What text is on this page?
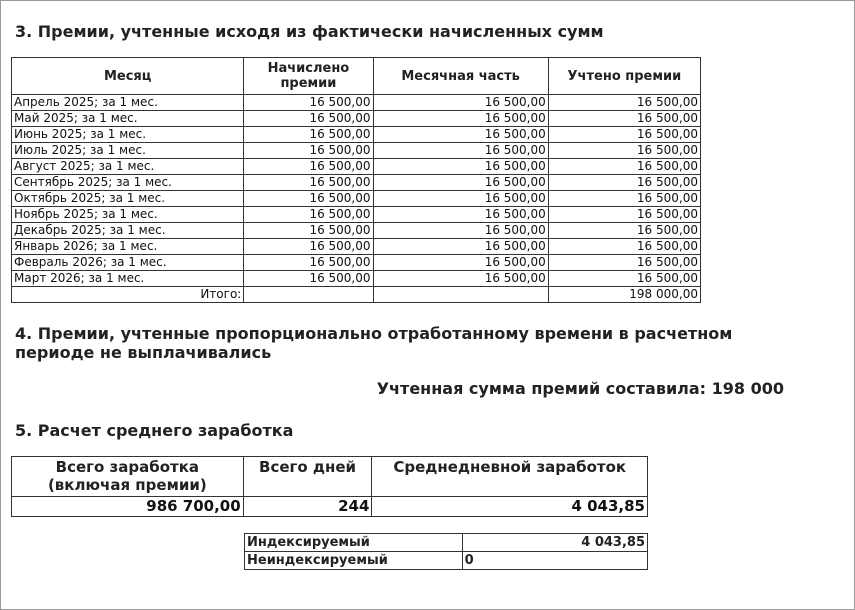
3. Премии, учтенные исходя из фактически начисленных сумм
Месяц	Начислено премии	Месячная часть	Учтено премии
Апрель 2025; за 1 мес.	16 500,00	16 500,00	16 500,00
Май 2025; за 1 мес.	16 500,00	16 500,00	16 500,00
Июнь 2025; за 1 мес.	16 500,00	16 500,00	16 500,00
Июль 2025; за 1 мес.	16 500,00	16 500,00	16 500,00
Август 2025; за 1 мес.	16 500,00	16 500,00	16 500,00
Сентябрь 2025; за 1 мес.	16 500,00	16 500,00	16 500,00
Октябрь 2025; за 1 мес.	16 500,00	16 500,00	16 500,00
Ноябрь 2025; за 1 мес.	16 500,00	16 500,00	16 500,00
Декабрь 2025; за 1 мес.	16 500,00	16 500,00	16 500,00
Январь 2026; за 1 мес.	16 500,00	16 500,00	16 500,00
Февраль 2026; за 1 мес.	16 500,00	16 500,00	16 500,00
Март 2026; за 1 мес.	16 500,00	16 500,00	16 500,00
Итого:			198 000,00
4. Премии, учтенные пропорционально отработанному времени в расчетном периоде не выплачивались
Учтенная сумма премий составила: 198 000
5. Расчет среднего заработка
Всего заработка (включая премии)	Всего дней	Среднедневной заработок
986 700,00	244	4 043,85
Индексируемый	4 043,85
Неиндексируемый	0
